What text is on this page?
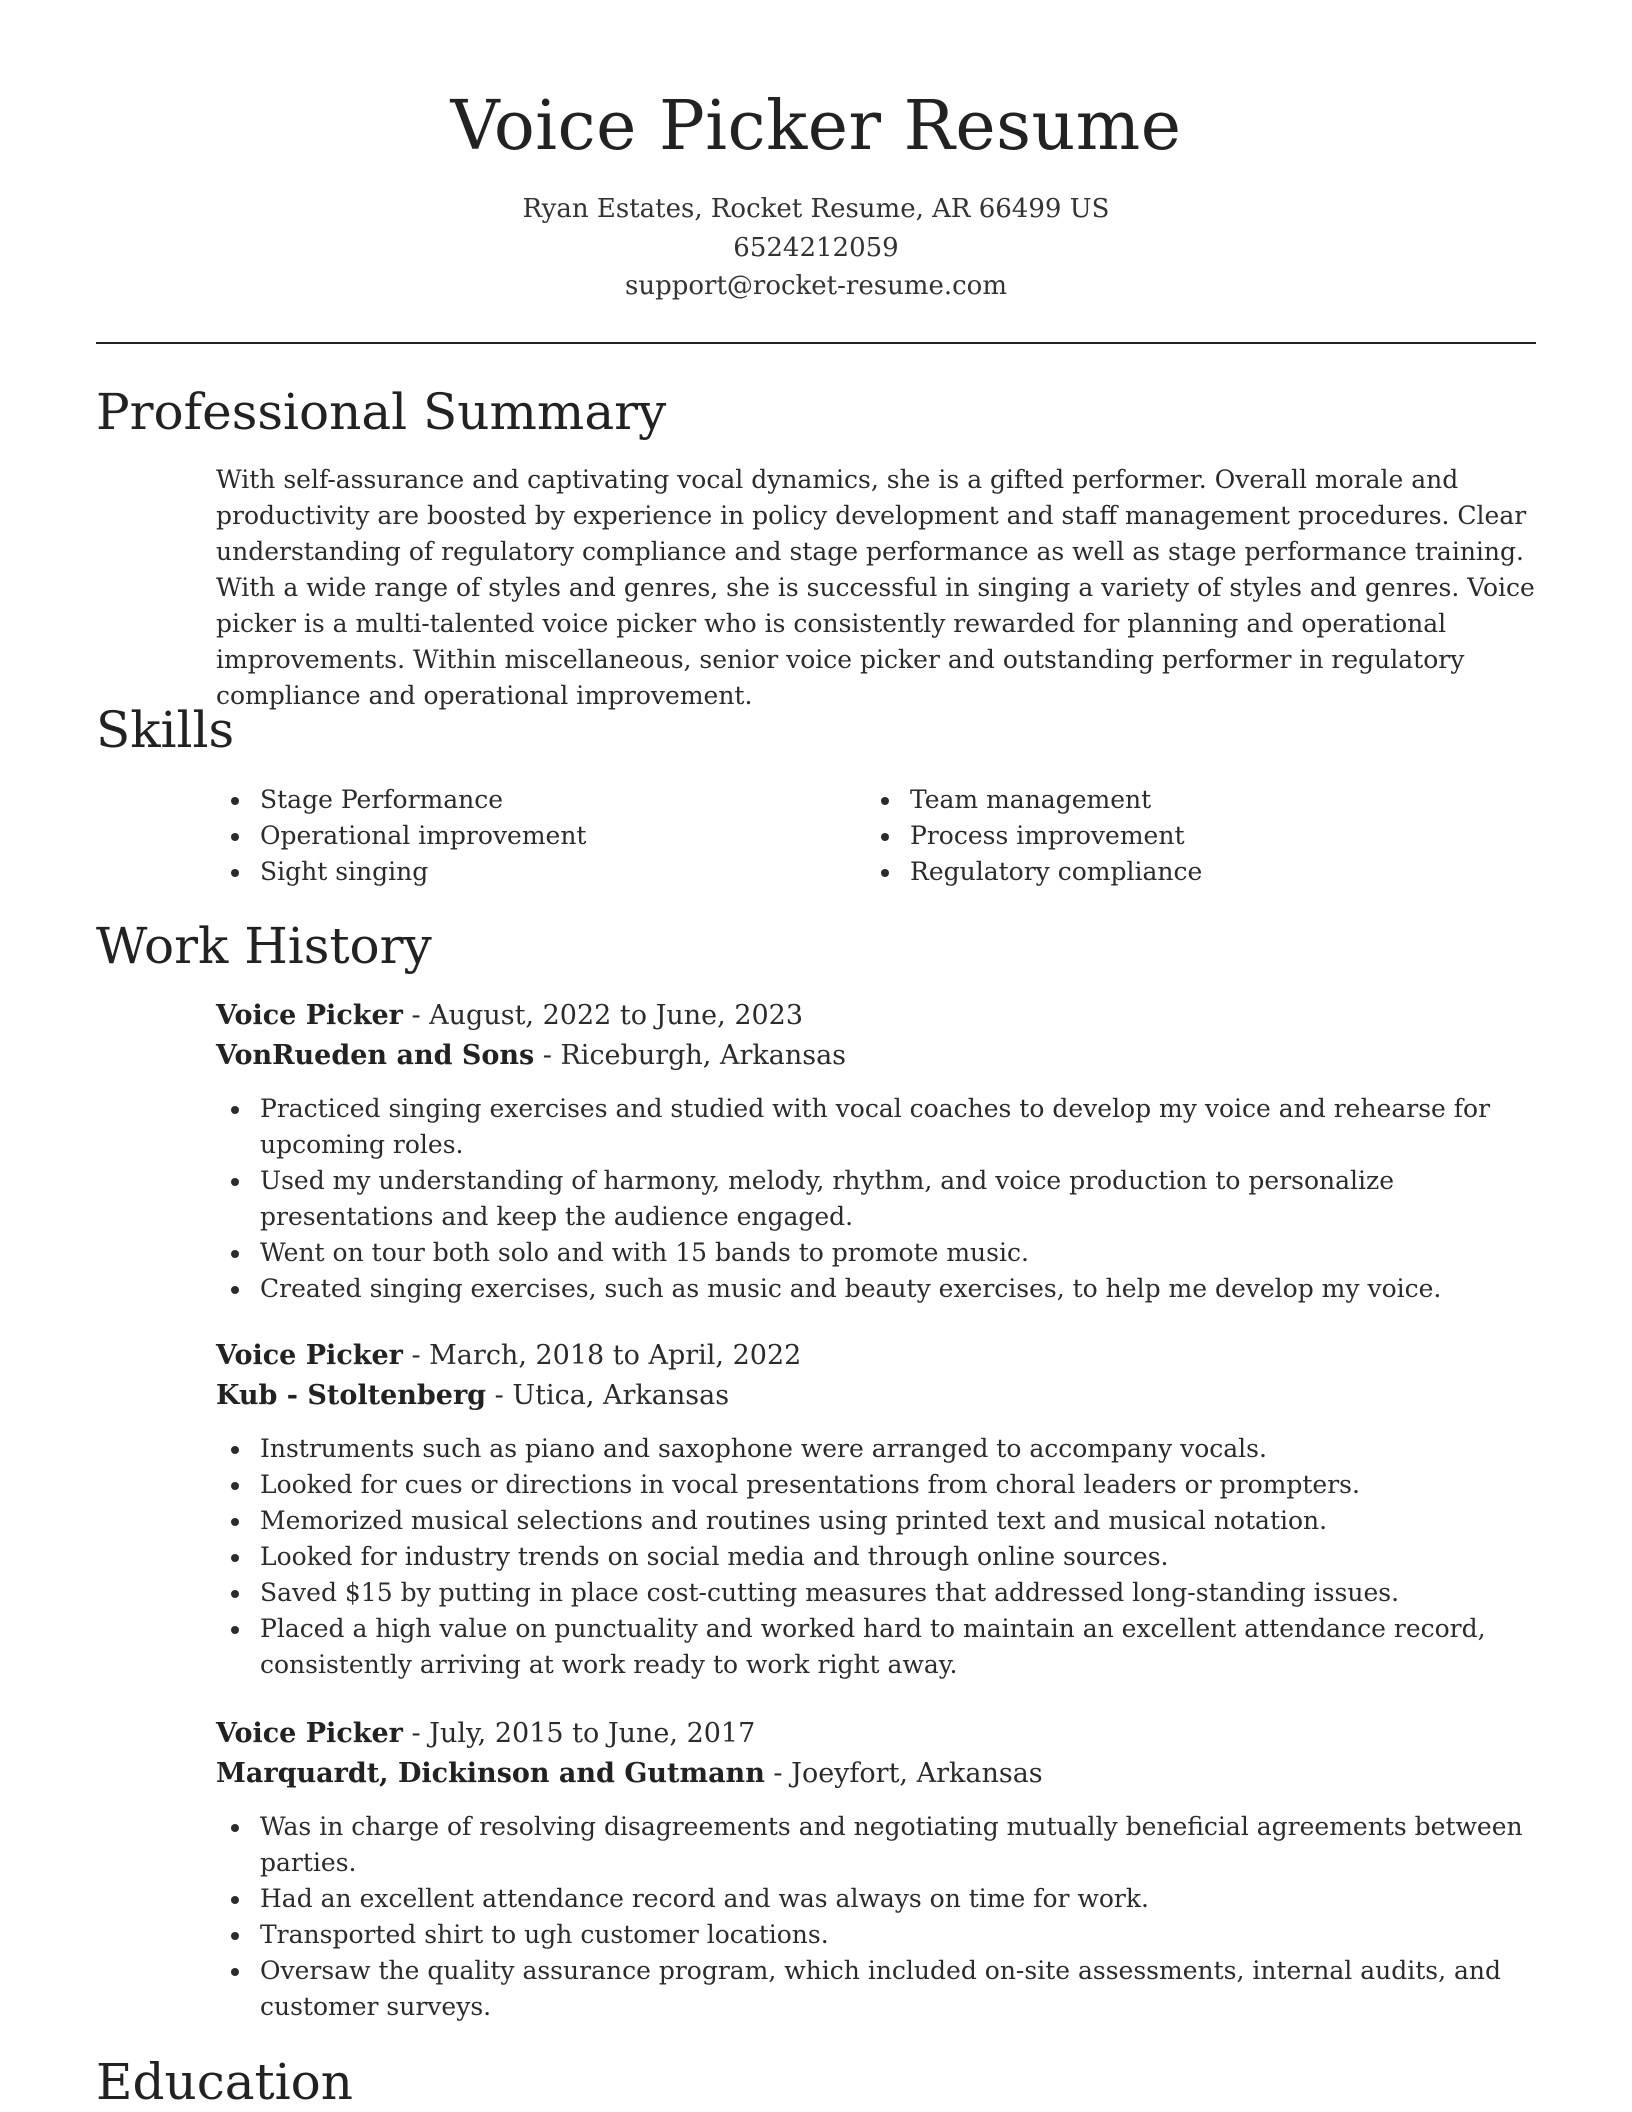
Voice Picker Resume
Ryan Estates, Rocket Resume, AR 66499 US
6524212059
support@rocket-resume.com
Professional Summary
With self-assurance and captivating vocal dynamics, she is a gifted performer. Overall morale and productivity are boosted by experience in policy development and staff management procedures. Clear understanding of regulatory compliance and stage performance as well as stage performance training. With a wide range of styles and genres, she is successful in singing a variety of styles and genres. Voice picker is a multi-talented voice picker who is consistently rewarded for planning and operational improvements. Within miscellaneous, senior voice picker and outstanding performer in regulatory compliance and operational improvement.
Skills
Stage Performance
Operational improvement
Sight singing
Team management
Process improvement
Regulatory compliance
Work History
Voice Picker - August, 2022 to June, 2023
VonRueden and Sons - Riceburgh, Arkansas
Practiced singing exercises and studied with vocal coaches to develop my voice and rehearse for upcoming roles.
Used my understanding of harmony, melody, rhythm, and voice production to personalize presentations and keep the audience engaged.
Went on tour both solo and with 15 bands to promote music.
Created singing exercises, such as music and beauty exercises, to help me develop my voice.
Voice Picker - March, 2018 to April, 2022
Kub - Stoltenberg - Utica, Arkansas
Instruments such as piano and saxophone were arranged to accompany vocals.
Looked for cues or directions in vocal presentations from choral leaders or prompters.
Memorized musical selections and routines using printed text and musical notation.
Looked for industry trends on social media and through online sources.
Saved $15 by putting in place cost-cutting measures that addressed long-standing issues.
Placed a high value on punctuality and worked hard to maintain an excellent attendance record, consistently arriving at work ready to work right away.
Voice Picker - July, 2015 to June, 2017
Marquardt, Dickinson and Gutmann - Joeyfort, Arkansas
Was in charge of resolving disagreements and negotiating mutually beneficial agreements between parties.
Had an excellent attendance record and was always on time for work.
Transported shirt to ugh customer locations.
Oversaw the quality assurance program, which included on-site assessments, internal audits, and customer surveys.
Education
